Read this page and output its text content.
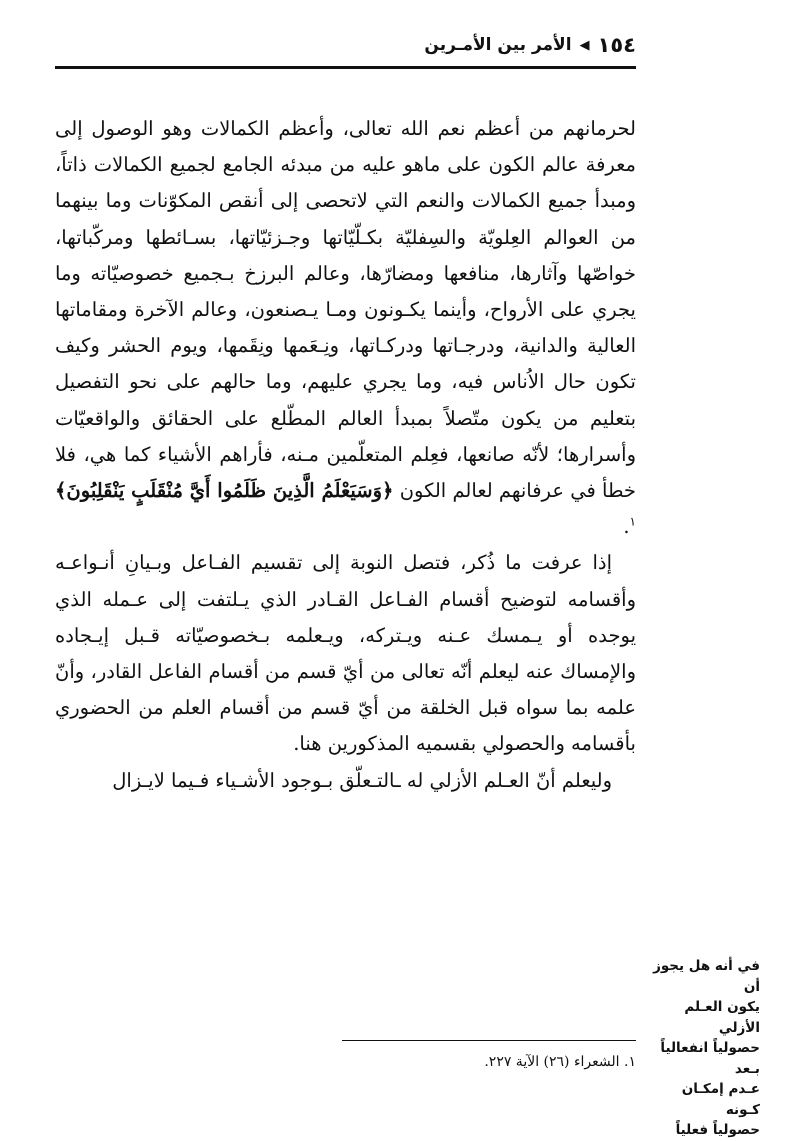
١٥٤
◀
الأمر بين الأمـرين

لحرمانهم من أعظم نعم الله تعالى، وأعظم الكمالات وهو الوصول إلى معرفة عالم الكون على ماهو عليه من مبدئه الجامع لجميع الكمالات ذاتاً، ومبدأ جميع الكمالات والنعم التي لاتحصى إلى أنقص المكوّنات وما بينهما من العوالم العِلويّة والسِفليّة بكـلّيّاتها وجـزئيّاتها، بسـائطها ومركّباتها، خواصّها وآثارها، منافعها ومضارّها، وعالم البرزخ بـجميع خصوصيّاته وما يجري على الأرواح، وأينما يكـونون ومـا يـصنعون، وعالم الآخرة ومقاماتها العالية والدانية، ودرجـاتها ودركـاتها، ونِـعَمها ونِقَمها، ويوم الحشر وكيف تكون حال الاُناس فيه، وما يجري عليهم، وما حالهم على نحو التفصيل بتعليم من يكون متّصلاً بمبدأ العالم المطّلع على الحقائق والواقعيّات وأسرارها؛ لأنّه صانعها، فعِلم المتعلّمين مـنه، فأراهم الأشياء كما هي، فلا خطأ في عرفانهم لعالم الكون ﴿وَسَيَعْلَمُ الَّذِينَ ظَلَمُوا أَيَّ مُنْقَلَبٍ يَنْقَلِبُونَ﴾$^١$.

إذا عرفت ما ذُكر، فتصل النوبة إلى تقسيم الفـاعل وبـيانِ أنـواعـه وأقسامه لتوضيح أقسام الفـاعل القـادر الذي يـلتفت إلى عـمله الذي يوجده أو يـمسك عـنه ويـتركه، ويـعلمه بـخصوصيّاته قـبل إيـجاده والإمساك عنه ليعلم أنّه تعالى من أيّ قسم من أقسام الفاعل القادر، وأنّ علمه بما سواه قبل الخلقة من أيّ قسم من أقسام العلم من الحضوري بأقسامه والحصولي بقسميه المذكورين هنا.

وليعلم أنّ العـلم الأزلي له ـالتـعلّق بـوجود الأشـياء فـيما لايـزال

في أنه هل يجوز أن

يكون العـلم الأزلي

حصولياً انفعالياً بـعد

عـدم إمكـان كـونه

حصولياً فعلياً

١. الشعراء (٢٦) الآية ٢٢٧.
